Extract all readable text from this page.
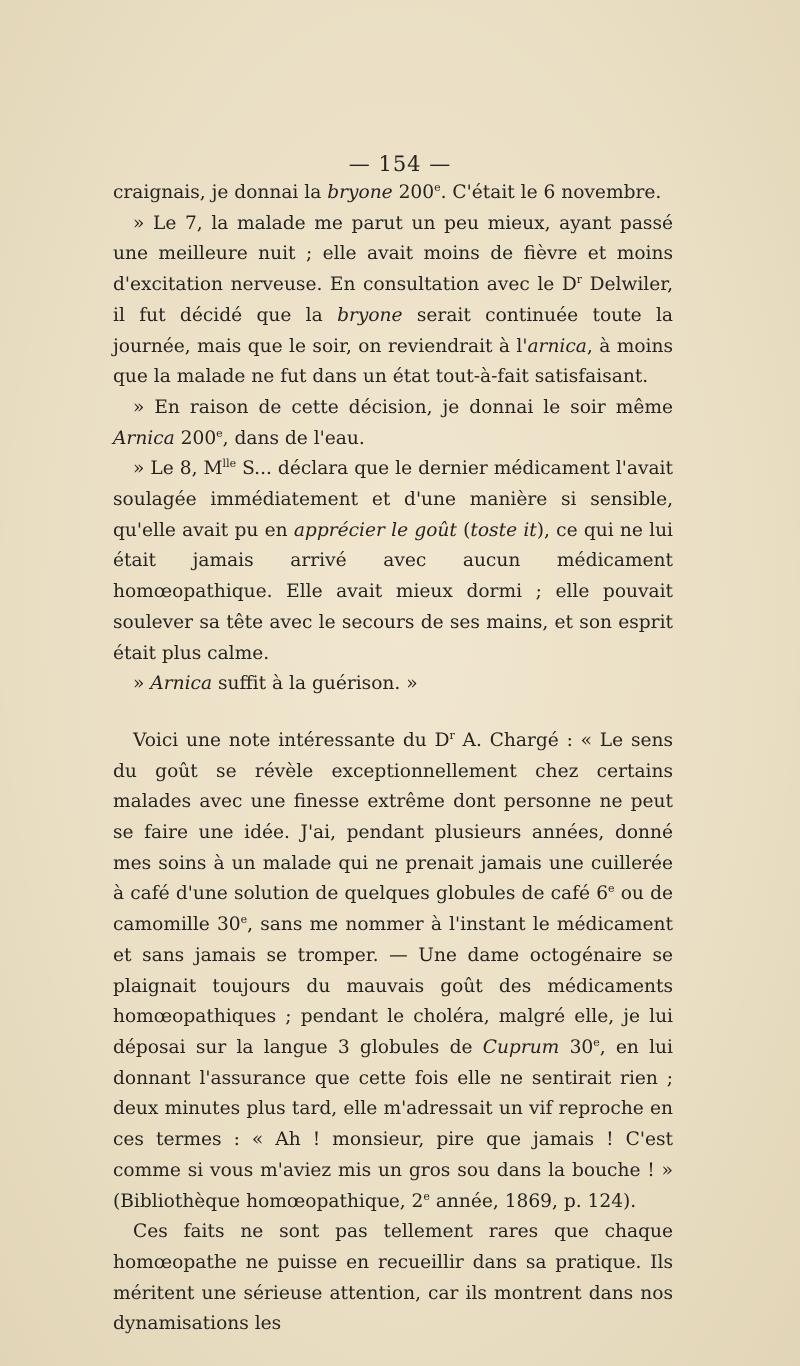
— 154 —

craignais, je donnai la bryone 200e. C'était le 6 novembre.

» Le 7, la malade me parut un peu mieux, ayant passé une meilleure nuit ; elle avait moins de fièvre et moins d'excitation nerveuse. En consultation avec le $D^r$ Delwiler, il fut décidé que la bryone serait continuée toute la journée, mais que le soir, on reviendrait à l'arnica, à moins que la malade ne fut dans un état tout-à-fait satisfaisant.

» En raison de cette décision, je donnai le soir même Arnica 200e, dans de l'eau.

» Le 8, $M^{lle}$ S... déclara que le dernier médicament l'avait soulagée immédiatement et d'une manière si sensible, qu'elle avait pu en apprécier le goût (toste it), ce qui ne lui était jamais arrivé avec aucun médicament homœopathique. Elle avait mieux dormi ; elle pouvait soulever sa tête avec le secours de ses mains, et son esprit était plus calme.

» Arnica suffit à la guérison. »

Voici une note intéressante du $D^r$ A. Chargé : « Le sens du goût se révèle exceptionnellement chez certains malades avec une finesse extrême dont personne ne peut se faire une idée. J'ai, pendant plusieurs années, donné mes soins à un malade qui ne prenait jamais une cuillerée à café d'une solution de quelques globules de café 6e ou de camomille 30e, sans me nommer à l'instant le médicament et sans jamais se tromper. — Une dame octogénaire se plaignait toujours du mauvais goût des médicaments homœopathiques ; pendant le choléra, malgré elle, je lui déposai sur la langue 3 globules de Cuprum 30e, en lui donnant l'assurance que cette fois elle ne sentirait rien ; deux minutes plus tard, elle m'adressait un vif reproche en ces termes : « Ah ! monsieur, pire que jamais ! C'est comme si vous m'aviez mis un gros sou dans la bouche ! » (Bibliothèque homœopathique, 2e année, 1869, p. 124).

Ces faits ne sont pas tellement rares que chaque homœopathe ne puisse en recueillir dans sa pratique. Ils méritent une sérieuse attention, car ils montrent dans nos dynamisations les
